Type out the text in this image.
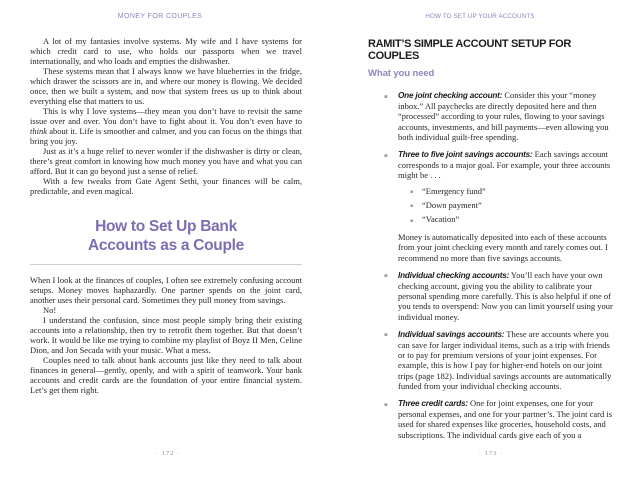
MONEY FOR COUPLES

A lot of my fantasies involve systems. My wife and I have systems for which credit card to use, who holds our passports when we travel internationally, and who loads and empties the dishwasher.

These systems mean that I always know we have blueberries in the fridge, which drawer the scissors are in, and where our money is flowing. We decided once, then we built a system, and now that system frees us up to think about everything else that matters to us.

This is why I love systems—they mean you don’t have to revisit the same issue over and over. You don’t have to fight about it. You don’t even have to think about it. Life is smoother and calmer, and you can focus on the things that bring you joy.

Just as it’s a huge relief to never wonder if the dishwasher is dirty or clean, there’s great comfort in knowing how much money you have and what you can afford. But it can go beyond just a sense of relief.

With a few tweaks from Gate Agent Sethi, your finances will be calm, predictable, and even magical.

How to Set Up Bank
Accounts as a Couple

When I look at the finances of couples, I often see extremely confusing account setups. Money moves haphazardly. One partner spends on the joint card, another uses their personal card. Sometimes they pull money from savings.

No!

I understand the confusion, since most people simply bring their existing accounts into a relationship, then try to retrofit them together. But that doesn’t work. It would be like me trying to combine my playlist of Boyz II Men, Celine Dion, and Jon Secada with your music. What a mess.

Couples need to talk about bank accounts just like they need to talk about finances in general—gently, openly, and with a spirit of teamwork. Your bank accounts and credit cards are the foundation of your entire financial system. Let’s get them right.

· 172 ·
HOW TO SET UP YOUR ACCOUNTS
RAMIT’S SIMPLE ACCOUNT SETUP FOR COUPLES
What you need
▪ One joint checking account: Consider this your “money inbox.” All paychecks are directly deposited here and then “processed” according to your rules, flowing to your savings accounts, investments, and bill payments—even allowing you both individual guilt-free spending.
▪ Three to five joint savings accounts: Each savings account corresponds to a major goal. For example, your three accounts might be . . .
▪ “Emergency fund”
▪ “Down payment”
▪ “Vacation”
Money is automatically deposited into each of these accounts from your joint checking every month and rarely comes out. I recommend no more than five savings accounts.
▪ Individual checking accounts: You’ll each have your own checking account, giving you the ability to calibrate your personal spending more carefully. This is also helpful if one of you tends to overspend: Now you can limit yourself using your individual money.
▪ Individual savings accounts: These are accounts where you can save for larger individual items, such as a trip with friends or to pay for premium versions of your joint expenses. For example, this is how I pay for higher-end hotels on our joint trips (page 182). Individual savings accounts are automatically funded from your individual checking accounts.
▪ Three credit cards: One for joint expenses, one for your personal expenses, and one for your partner’s. The joint card is used for shared expenses like groceries, household costs, and subscriptions. The individual cards give each of you a
· 173 ·
